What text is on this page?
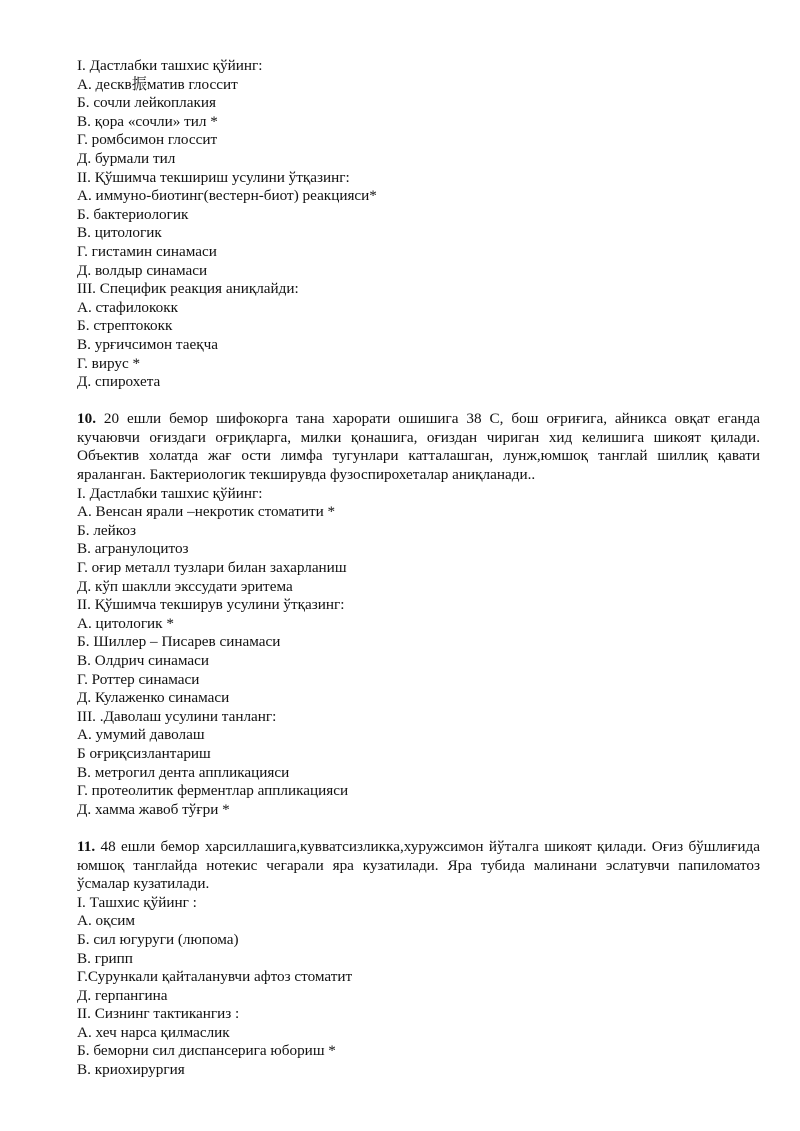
I. Дастлабки ташхис қўйинг:
А. дескв振матив глоссит
Б. сочли лейкоплакия
В. қора «сочли» тил *
Г. ромбсимон глоссит
Д. бурмали тил
II. Қўшимча текшириш усулини ўтқазинг:
А. иммуно-биотинг(вестерн-биот) реакцияси*
Б. бактериологик
В. цитологик
Г. гистамин синамаси
Д. волдыр синамаси
III. Специфик реакция аниқлайди:
А. стафилококк
Б. стрептококк
В. урғичсимон таеқча
Г. вирус *
Д. спирохета
10. 20 ешли бемор шифокорга тана харорати ошишига 38 С, бош оғриғига, айникса овқат еганда кучаювчи оғиздаги оғриқларга, милки қонашига, оғиздан чириган хид келишига шикоят қилади. Объектив холатда жағ ости лимфа тугунлари катталашган, лунж,юмшоқ танглай шиллиқ қавати яраланган. Бактериологик текширувда фузоспирохеталар аниқланади..
I. Дастлабки ташхис қўйинг:
А. Венсан ярали –некротик стоматити *
Б. лейкоз
В. агранулоцитоз
Г. оғир металл тузлари билан захарланиш
Д. кўп шаклли экссудати эритема
II. Қўшимча текширув усулини ўтқазинг:
А. цитологик *
Б. Шиллер – Писарев синамаси
В. Олдрич синамаси
Г. Роттер синамаси
Д. Кулаженко синамаси
III. .Даволаш усулини танланг:
А. умумий даволаш
Б оғриқсизлантариш
В. метрогил дента аппликацияси
Г. протеолитик ферментлар аппликацияси
Д. хамма жавоб тўғри *
11. 48 ешли бемор харсиллашига,кувватсизликка,хуружсимон йўталга шикоят қилади. Оғиз бўшлиғида юмшоқ танглайда нотекис чегарали яра кузатилади. Яра тубида малинани эслатувчи папиломатоз ўсмалар кузатилади.
I. Ташхис қўйинг :
А. оқсим
Б. сил югуруги (люпома)
В. грипп
Г.Сурункали қайталанувчи афтоз стоматит
Д. герпангина
II. Сизнинг тактикангиз :
А. хеч нарса қилмаслик
Б. беморни сил диспансерига юбориш *
В. криохирургия
